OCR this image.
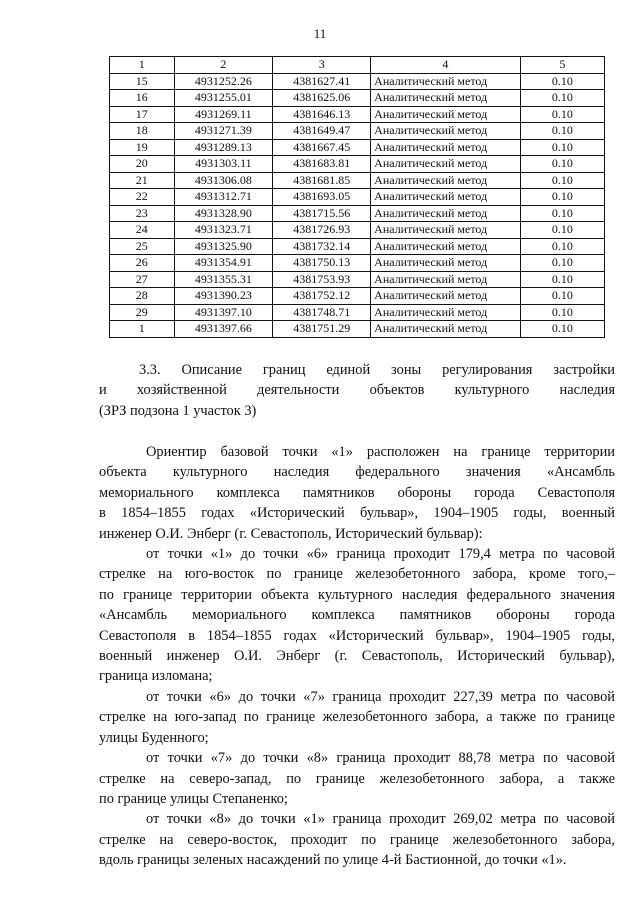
11
1	2	3	4	5
15	4931252.26	4381627.41	Аналитический метод	0.10
16	4931255.01	4381625.06	Аналитический метод	0.10
17	4931269.11	4381646.13	Аналитический метод	0.10
18	4931271.39	4381649.47	Аналитический метод	0.10
19	4931289.13	4381667.45	Аналитический метод	0.10
20	4931303.11	4381683.81	Аналитический метод	0.10
21	4931306.08	4381681.85	Аналитический метод	0.10
22	4931312.71	4381693.05	Аналитический метод	0.10
23	4931328.90	4381715.56	Аналитический метод	0.10
24	4931323.71	4381726.93	Аналитический метод	0.10
25	4931325.90	4381732.14	Аналитический метод	0.10
26	4931354.91	4381750.13	Аналитический метод	0.10
27	4931355.31	4381753.93	Аналитический метод	0.10
28	4931390.23	4381752.12	Аналитический метод	0.10
29	4931397.10	4381748.71	Аналитический метод	0.10
1	4931397.66	4381751.29	Аналитический метод	0.10
3.3. Описание границ единой зоны регулирования застройки
и хозяйственной деятельности объектов культурного наследия
(ЗРЗ подзона 1 участок 3)
Ориентир базовой точки «1» расположен на границе территории
объекта культурного наследия федерального значения «Ансамбль
мемориального комплекса памятников обороны города Севастополя
в 1854–1855 годах «Исторический бульвар», 1904–1905 годы, военный
инженер О.И. Энберг (г. Севастополь, Исторический бульвар):
от точки «1» до точки «6» граница проходит 179,4 метра по часовой
стрелке на юго-восток по границе железобетонного забора, кроме того,–
по границе территории объекта культурного наследия федерального значения
«Ансамбль мемориального комплекса памятников обороны города
Севастополя в 1854–1855 годах «Исторический бульвар», 1904–1905 годы,
военный инженер О.И. Энберг (г. Севастополь, Исторический бульвар),
граница изломана;
от точки «6» до точки «7» граница проходит 227,39 метра по часовой
стрелке на юго-запад по границе железобетонного забора, а также по границе
улицы Буденного;
от точки «7» до точки «8» граница проходит 88,78 метра по часовой
стрелке на северо-запад, по границе железобетонного забора, а также
по границе улицы Степаненко;
от точки «8» до точки «1» граница проходит 269,02 метра по часовой
стрелке на северо-восток, проходит по границе железобетонного забора,
вдоль границы зеленых насаждений по улице 4-й Бастионной, до точки «1».
